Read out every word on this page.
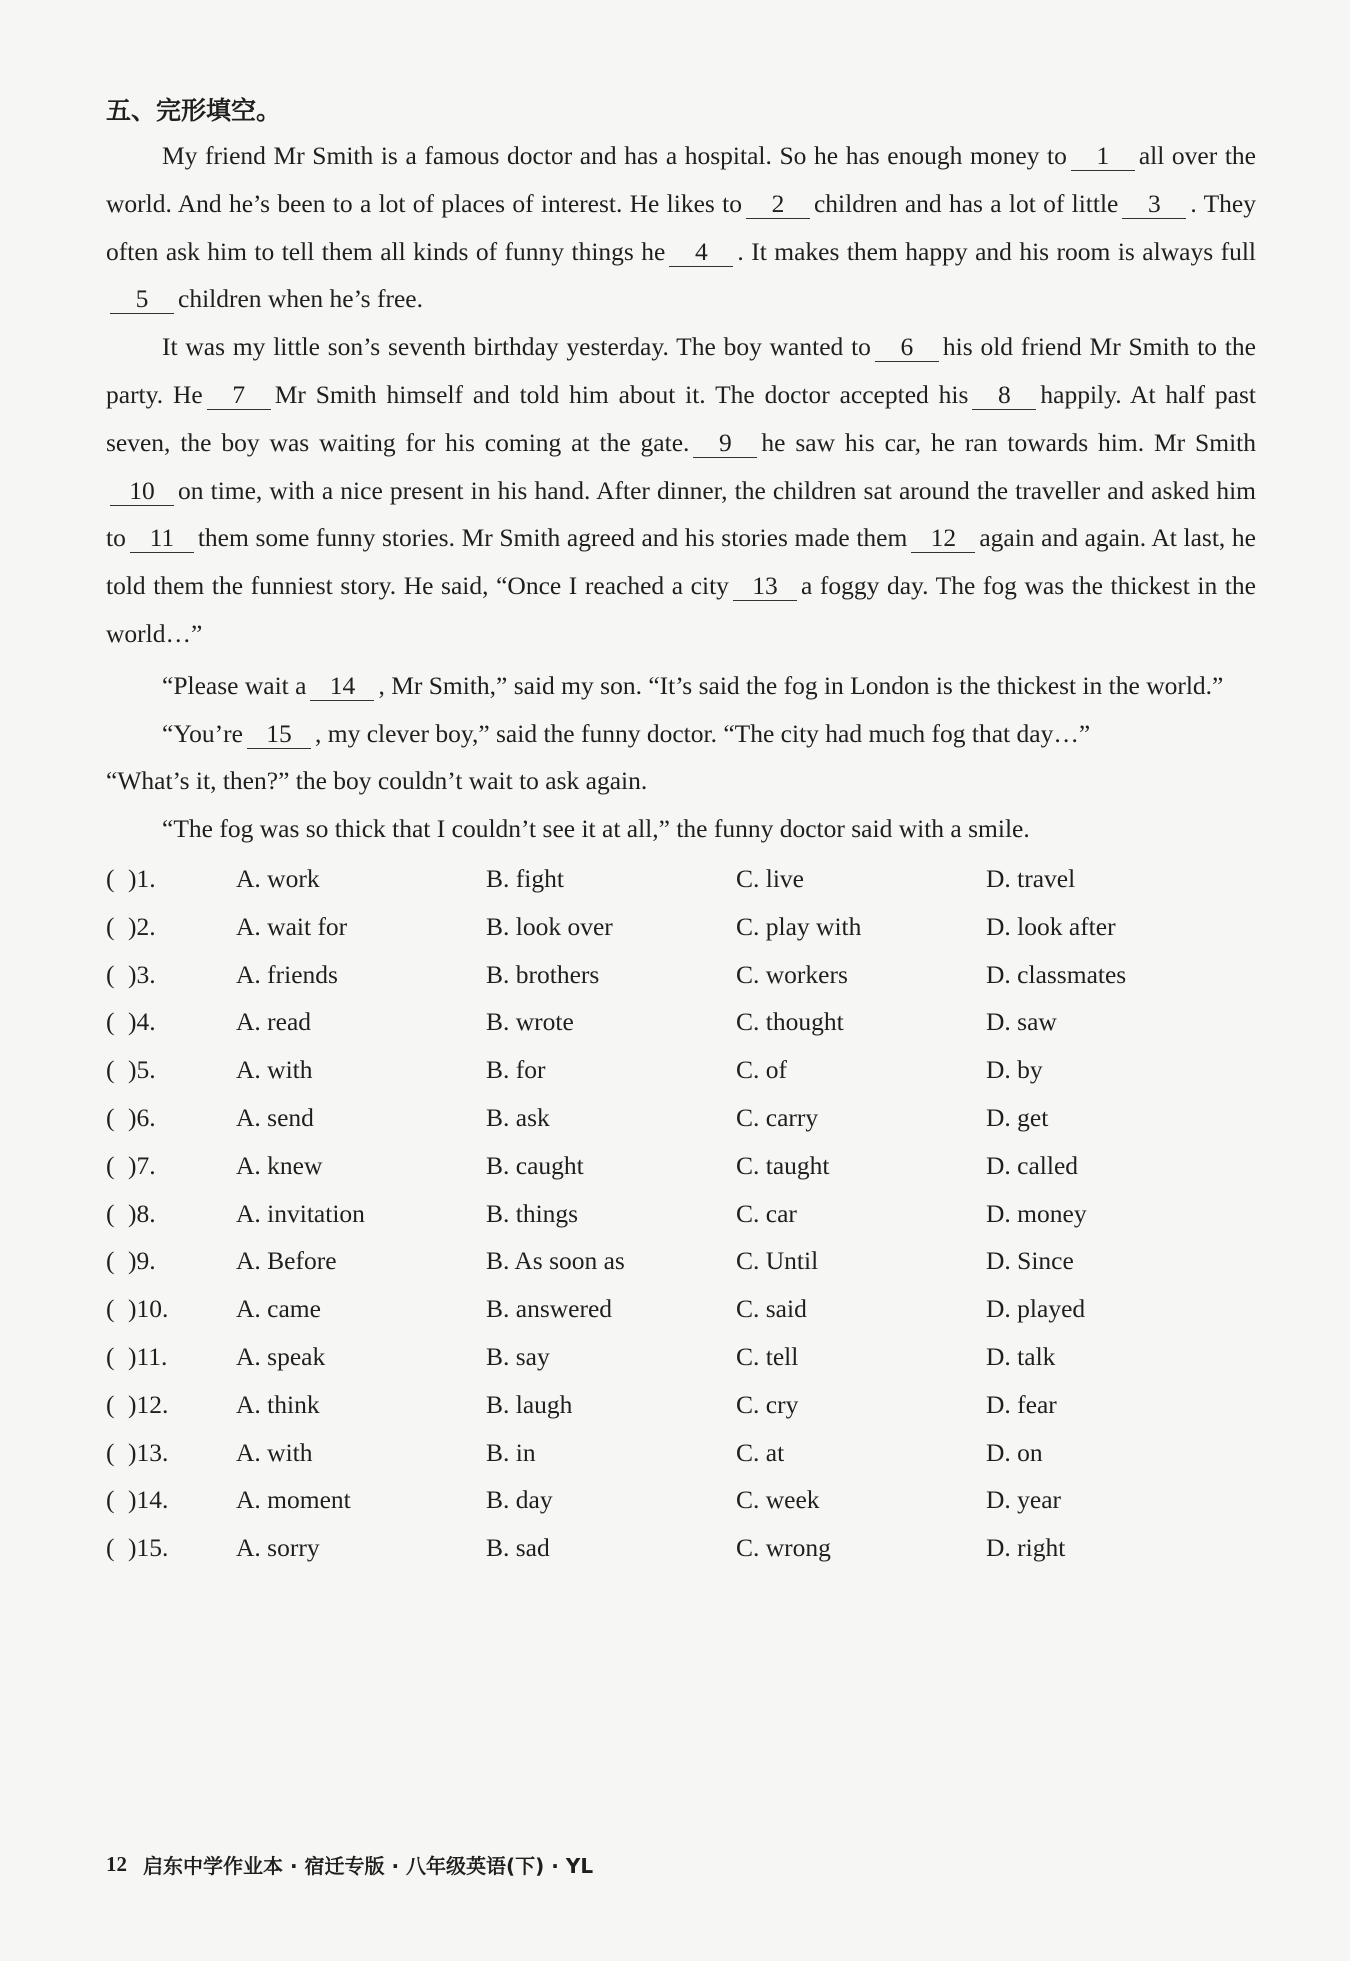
五、完形填空。

My friend Mr Smith is a famous doctor and has a hospital. So he has enough money to 1 all over the world. And he’s been to a lot of places of interest. He likes to 2 children and has a lot of little 3 . They often ask him to tell them all kinds of funny things he 4 . It makes them happy and his room is always full5 children when he’s free.

It was my little son’s seventh birthday yesterday. The boy wanted to 6 his old friend Mr Smith to the party. He 7 Mr Smith himself and told him about it. The doctor accepted his 8 happily. At half past seven, the boy was waiting for his coming at the gate. 9 he saw his car, he ran towards him. Mr Smith10 on time, with a nice present in his hand. After dinner, the children sat around the traveller and asked him to 11 them some funny stories. Mr Smith agreed and his stories made them 12 again and again. At last, he told them the funniest story. He said, “Once I reached a city 13 a foggy day. The fog was the thickest in the world…”

“Please wait a 14 , Mr Smith,” said my son. “It’s said the fog in London is the thickest in the world.”

“You’re 15 , my clever boy,” said the funny doctor. “The city had much fog that day…”

“What’s it, then?” the boy couldn’t wait to ask again.

“The fog was so thick that I couldn’t see it at all,” the funny doctor said with a smile.

( )1.	A. work	B. fight	C. live	D. travel
( )2.	A. wait for	B. look over	C. play with	D. look after
( )3.	A. friends	B. brothers	C. workers	D. classmates
( )4.	A. read	B. wrote	C. thought	D. saw
( )5.	A. with	B. for	C. of	D. by
( )6.	A. send	B. ask	C. carry	D. get
( )7.	A. knew	B. caught	C. taught	D. called
( )8.	A. invitation	B. things	C. car	D. money
( )9.	A. Before	B. As soon as	C. Until	D. Since
( )10.	A. came	B. answered	C. said	D. played
( )11.	A. speak	B. say	C. tell	D. talk
( )12.	A. think	B. laugh	C. cry	D. fear
( )13.	A. with	B. in	C. at	D. on
( )14.	A. moment	B. day	C. week	D. year
( )15.	A. sorry	B. sad	C. wrong	D. right
12 启东中学作业本 · 宿迁专版 · 八年级英语(下) · YL
